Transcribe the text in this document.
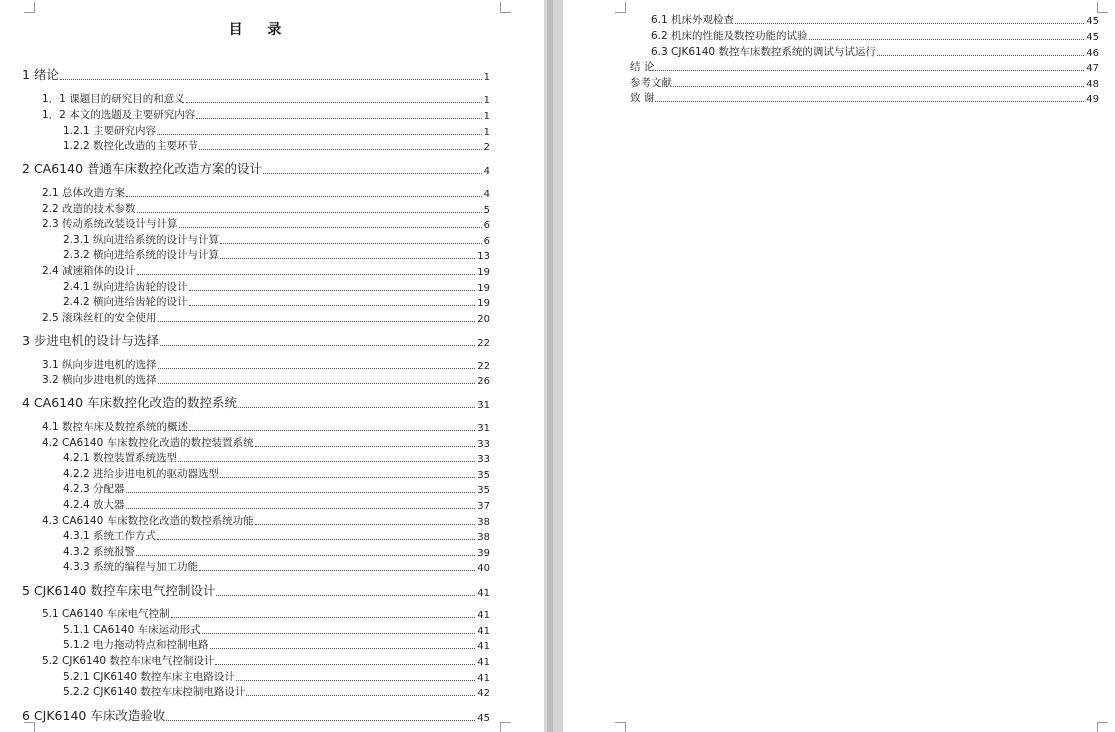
目 录
1 绪论	1
1．1 课题目的研究目的和意义	1
1．2 本文的选题及主要研究内容	1
1.2.1 主要研究内容	1
1.2.2 数控化改造的主要环节	2
2 CA6140 普通车床数控化改造方案的设计	4
2.1 总体改造方案	4
2.2 改造的技术参数	5
2.3 传动系统改装设计与计算	6
2.3.1 纵向进给系统的设计与计算	6
2.3.2 横向进给系统的设计与计算	13
2.4 减速箱体的设计	19
2.4.1 纵向进给齿轮的设计	19
2.4.2 横向进给齿轮的设计	19
2.5 滚珠丝杠的安全使用	20
3 步进电机的设计与选择	22
3.1 纵向步进电机的选择	22
3.2 横向步进电机的选择	26
4 CA6140 车床数控化改造的数控系统	31
4.1 数控车床及数控系统的概述	31
4.2 CA6140 车床数控化改造的数控装置系统	33
4.2.1 数控装置系统选型	33
4.2.2 进给步进电机的驱动器选型	35
4.2.3 分配器	35
4.2.4 放大器	37
4.3 CA6140 车床数控化改造的数控系统功能	38
4.3.1 系统工作方式	38
4.3.2 系统报警	39
4.3.3 系统的编程与加工功能	40
5 CJK6140 数控车床电气控制设计	41
5.1 CA6140 车床电气控制	41
5.1.1 CA6140 车床运动形式	41
5.1.2 电力拖动特点和控制电路	41
5.2 CJK6140 数控车床电气控制设计	41
5.2.1 CJK6140 数控车床主电路设计	41
5.2.2 CJK6140 数控车床控制电路设计	42
6 CJK6140 车床改造验收	45
6.1 机床外观检查	45
6.2 机床的性能及数控功能的试验	45
6.3 CJK6140 数控车床数控系统的调试与试运行	46
结 论	47
参考文献	48
致 谢	49
